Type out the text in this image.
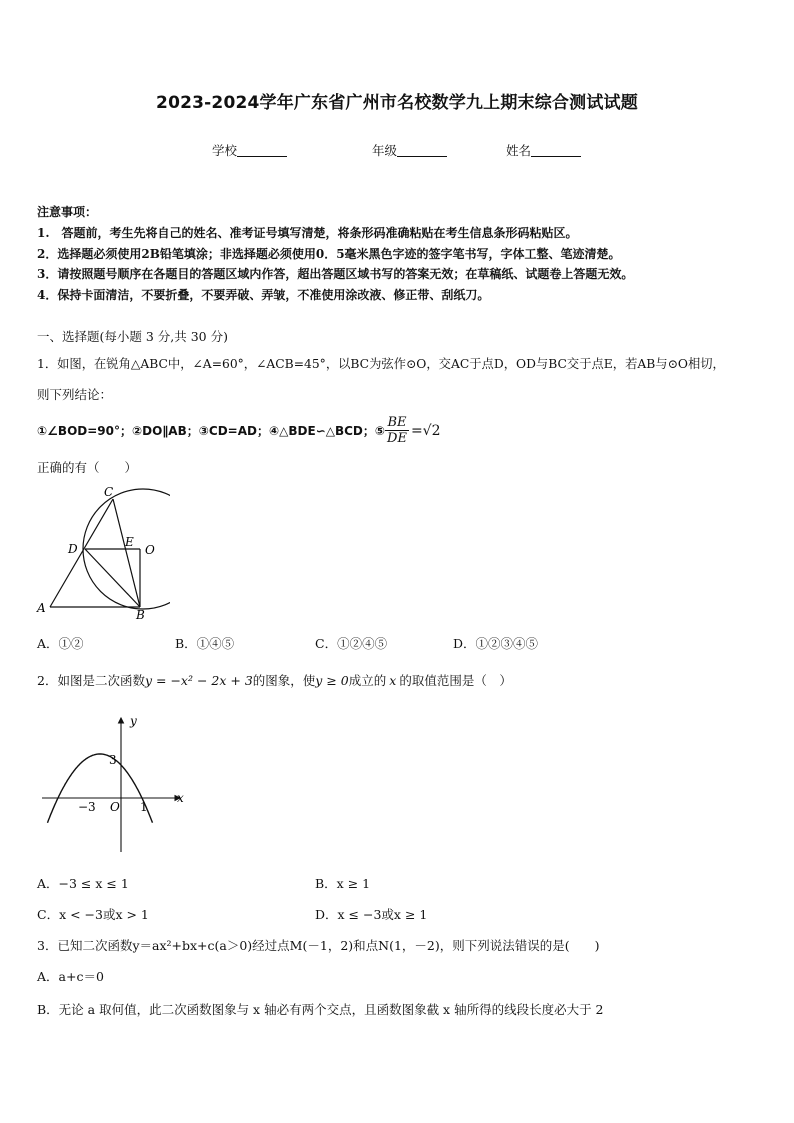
2023-2024学年广东省广州市名校数学九上期末综合测试试题
学校	年级	姓名
注意事项：
1.　答题前，考生先将自己的姓名、准考证号填写清楚，将条形码准确粘贴在考生信息条形码粘贴区。
2．选择题必须使用2B铅笔填涂；非选择题必须使用0．5毫米黑色字迹的签字笔书写，字体工整、笔迹清楚。
3．请按照题号顺序在各题目的答题区域内作答，超出答题区域书写的答案无效；在草稿纸、试题卷上答题无效。
4．保持卡面清洁，不要折叠，不要弄破、弄皱，不准使用涂改液、修正带、刮纸刀。
一、选择题(每小题 3 分,共 30 分)
1．如图，在锐角△ABC中，∠A=60°，∠ACB=45°，以BC为弦作⊙O，交AC于点D，OD与BC交于点E，若AB与⊙O相切，
则下列结论：
①∠BOD=90°；②DO∥AB；③CD=AD；④△BDE∽△BCD；⑤ $\frac{BE}{DE} =√2$
正确的有（　　）
C
D	E
O
A	B
A．①②	B．①④⑤	C．①②④⑤	D．①②③④⑤
2．如图是二次函数y = −x² − 2x + 3的图象，使y ≥ 0成立的 x 的取值范围是（　）
y
x
3
−3 O 1
A．−3 ≤ x ≤ 1	B．x ≥ 1
C．x < −3或x > 1	D．x ≤ −3或x ≥ 1
3．已知二次函数y＝ax²+bx+c(a＞0)经过点M(－1，2)和点N(1，－2)，则下列说法错误的是(　　)
A．a+c＝0
B．无论 a 取何值，此二次函数图象与 x 轴必有两个交点，且函数图象截 x 轴所得的线段长度必大于 2
